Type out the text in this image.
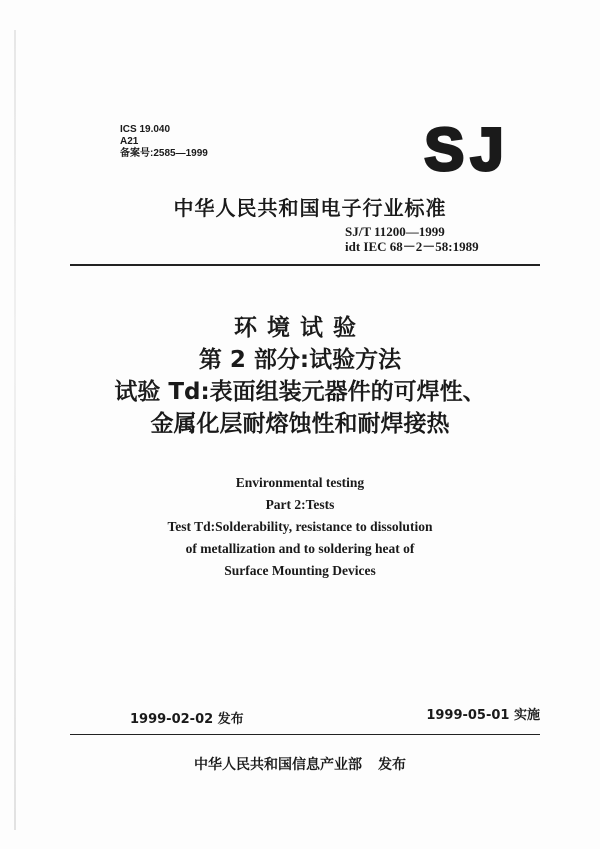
ICS 19.040
A21
备案号:2585—1999	SJ
中华人民共和国电子行业标准
SJ/T 11200—1999
idt IEC 68－2－58:1989
环境试验
第 2 部分:试验方法
试验 Td:表面组装元器件的可焊性、
金属化层耐熔蚀性和耐焊接热
Environmental testing
Part 2:Tests
Test Td:Solderability, resistance to dissolution
of metallization and to soldering heat of
Surface Mounting Devices
1999-02-02 发布	1999-05-01 实施
中华人民共和国信息产业部 发布
